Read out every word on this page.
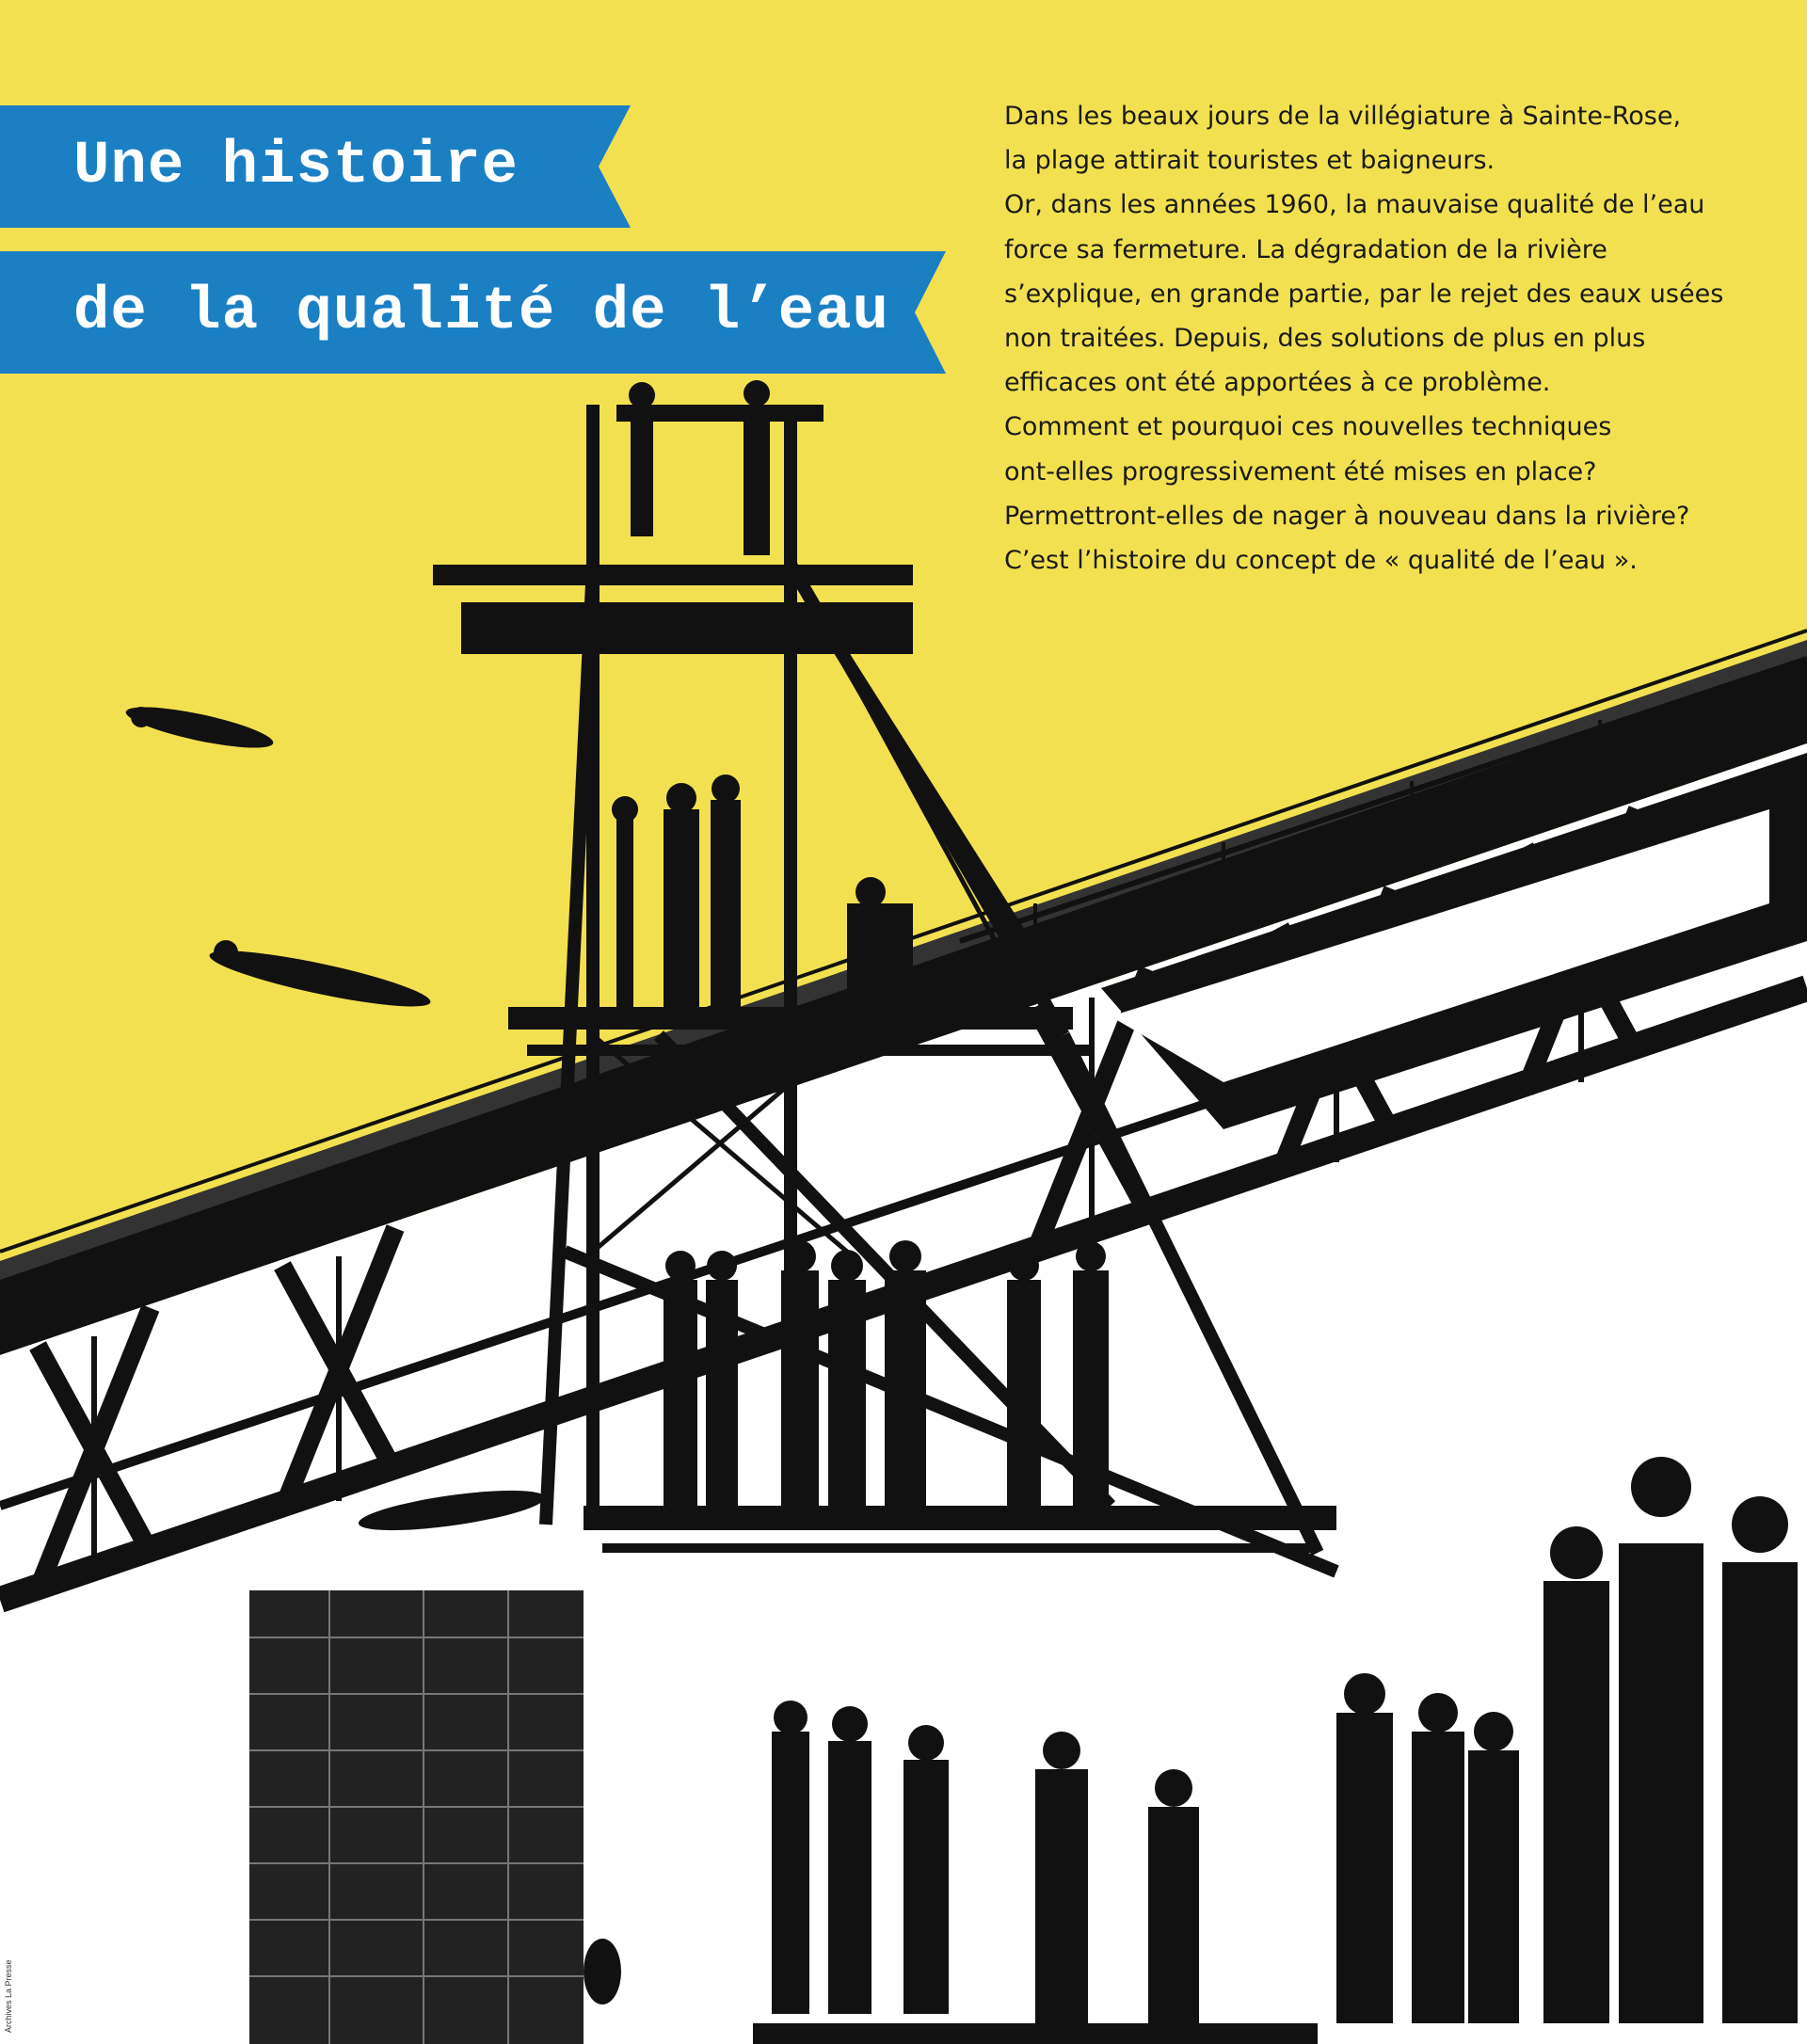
Une histoire
de la qualité de l’eau

Dans les beaux jours de la villégiature à Sainte-Rose,

la plage attirait touristes et baigneurs.

Or, dans les années 1960, la mauvaise qualité de l’eau

force sa fermeture. La dégradation de la rivière

s’explique, en grande partie, par le rejet des eaux usées

non traitées. Depuis, des solutions de plus en plus

efficaces ont été apportées à ce problème.

Comment et pourquoi ces nouvelles techniques

ont-elles progressivement été mises en place?

Permettront-elles de nager à nouveau dans la rivière?

C’est l’histoire du concept de « qualité de l’eau ».

Archives La Presse
